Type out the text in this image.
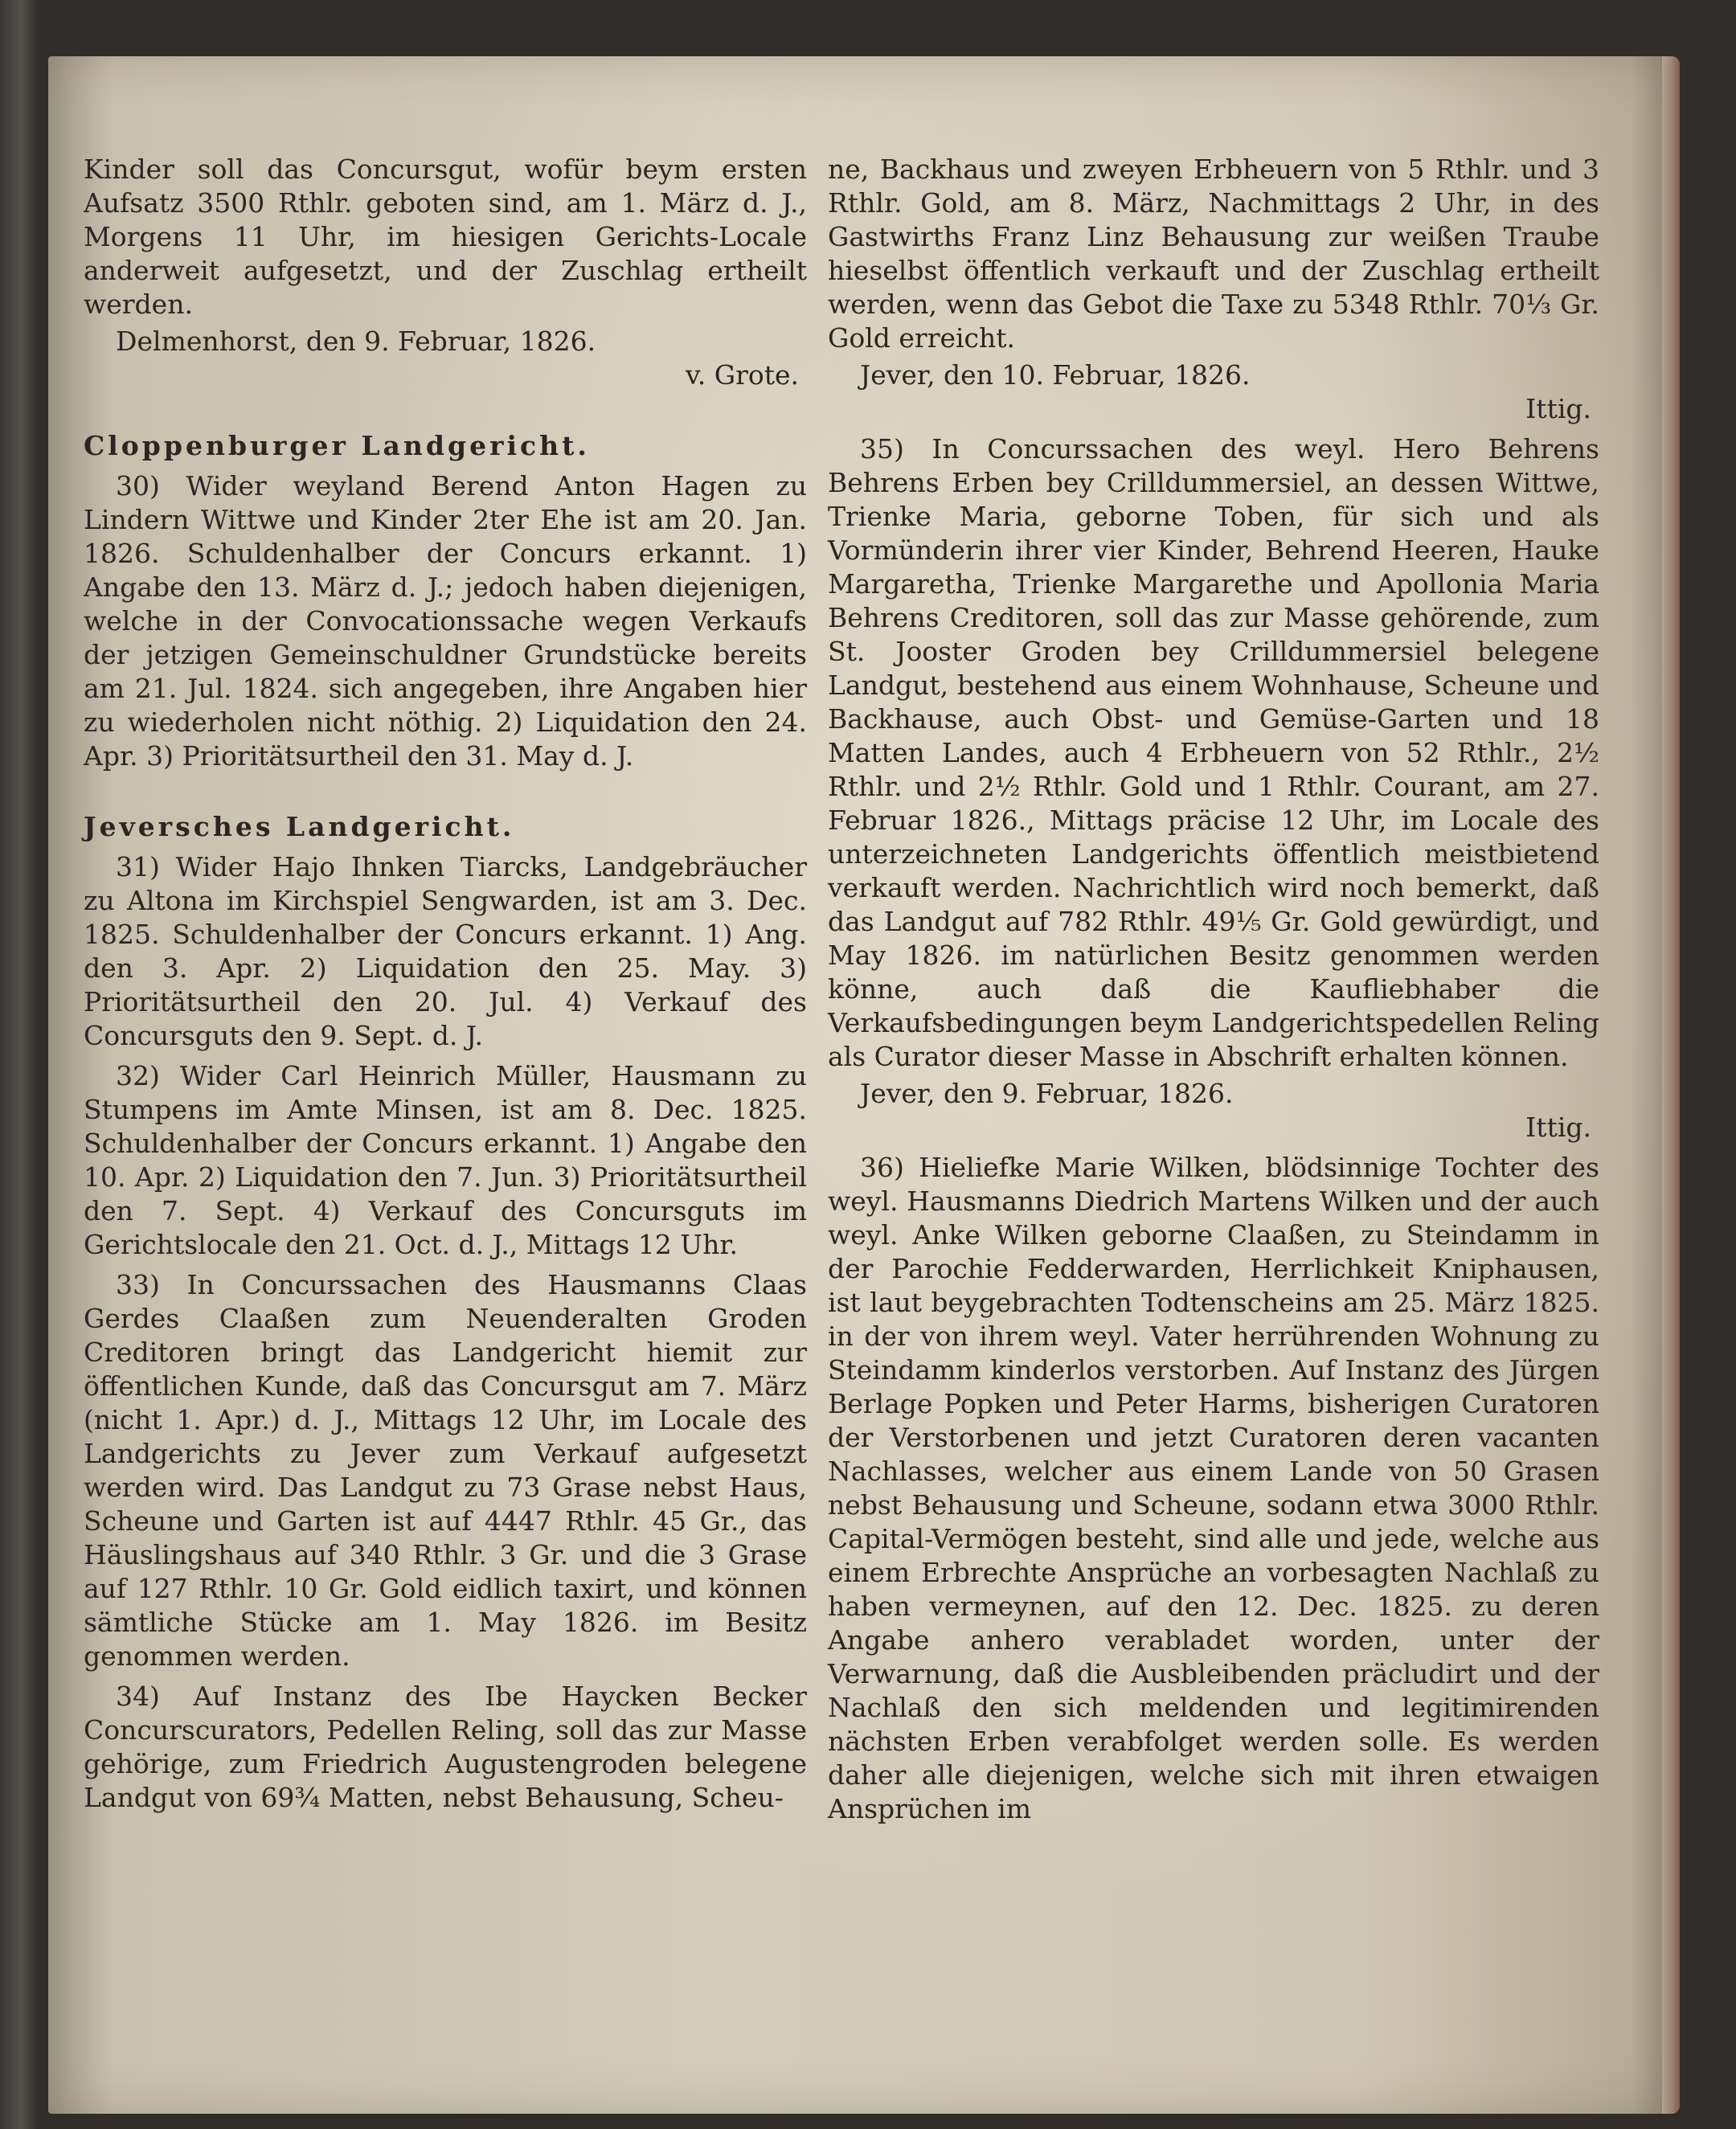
Kinder soll das Concursgut, wofür beym ersten Aufsatz 3500 Rthlr. geboten sind, am 1. März d. J., Morgens 11 Uhr, im hiesigen Gerichts-Locale anderweit aufgesetzt, und der Zuschlag ertheilt werden.

Delmenhorst, den 9. Februar, 1826.

v. Grote.

Cloppenburger Landgericht.

30) Wider weyland Berend Anton Hagen zu Lindern Wittwe und Kinder 2ter Ehe ist am 20. Jan. 1826. Schuldenhalber der Concurs erkannt. 1) Angabe den 13. März d. J.; jedoch haben diejenigen, welche in der Convocationssache wegen Verkaufs der jetzigen Gemeinschuldner Grundstücke bereits am 21. Jul. 1824. sich angegeben, ihre Angaben hier zu wiederholen nicht nöthig. 2) Liquidation den 24. Apr. 3) Prioritätsurtheil den 31. May d. J.

Jeversches Landgericht.

31) Wider Hajo Ihnken Tiarcks, Landgebräucher zu Altona im Kirchspiel Sengwarden, ist am 3. Dec. 1825. Schuldenhalber der Concurs erkannt. 1) Ang. den 3. Apr. 2) Liquidation den 25. May. 3) Prioritätsurtheil den 20. Jul. 4) Verkauf des Concursguts den 9. Sept. d. J.

32) Wider Carl Heinrich Müller, Hausmann zu Stumpens im Amte Minsen, ist am 8. Dec. 1825. Schuldenhalber der Concurs erkannt. 1) Angabe den 10. Apr. 2) Liquidation den 7. Jun. 3) Prioritätsurtheil den 7. Sept. 4) Verkauf des Concursguts im Gerichtslocale den 21. Oct. d. J., Mittags 12 Uhr.

33) In Concurssachen des Hausmanns Claas Gerdes Claaßen zum Neuenderalten Groden Creditoren bringt das Landgericht hiemit zur öffentlichen Kunde, daß das Concursgut am 7. März (nicht 1. Apr.) d. J., Mittags 12 Uhr, im Locale des Landgerichts zu Jever zum Verkauf aufgesetzt werden wird. Das Landgut zu 73 Grase nebst Haus, Scheune und Garten ist auf 4447 Rthlr. 45 Gr., das Häuslingshaus auf 340 Rthlr. 3 Gr. und die 3 Grase auf 127 Rthlr. 10 Gr. Gold eidlich taxirt, und können sämtliche Stücke am 1. May 1826. im Besitz genommen werden.

34) Auf Instanz des Ibe Haycken Becker Concurscurators, Pedellen Reling, soll das zur Masse gehörige, zum Friedrich Augustengroden belegene Landgut von 69¾ Matten, nebst Behausung, Scheu-

ne, Backhaus und zweyen Erbheuern von 5 Rthlr. und 3 Rthlr. Gold, am 8. März, Nachmittags 2 Uhr, in des Gastwirths Franz Linz Behausung zur weißen Traube hieselbst öffentlich verkauft und der Zuschlag ertheilt werden, wenn das Gebot die Taxe zu 5348 Rthlr. 70⅓ Gr. Gold erreicht.

Jever, den 10. Februar, 1826.

Ittig.

35) In Concurssachen des weyl. Hero Behrens Behrens Erben bey Crilldummersiel, an dessen Wittwe, Trienke Maria, geborne Toben, für sich und als Vormünderin ihrer vier Kinder, Behrend Heeren, Hauke Margaretha, Trienke Margarethe und Apollonia Maria Behrens Creditoren, soll das zur Masse gehörende, zum St. Jooster Groden bey Crilldummersiel belegene Landgut, bestehend aus einem Wohnhause, Scheune und Backhause, auch Obst- und Gemüse-Garten und 18 Matten Landes, auch 4 Erbheuern von 52 Rthlr., 2½ Rthlr. und 2½ Rthlr. Gold und 1 Rthlr. Courant, am 27. Februar 1826., Mittags präcise 12 Uhr, im Locale des unterzeichneten Landgerichts öffentlich meistbietend verkauft werden. Nachrichtlich wird noch bemerkt, daß das Landgut auf 782 Rthlr. 49⅕ Gr. Gold gewürdigt, und May 1826. im natürlichen Besitz genommen werden könne, auch daß die Kaufliebhaber die Verkaufsbedingungen beym Landgerichtspedellen Reling als Curator dieser Masse in Abschrift erhalten können.

Jever, den 9. Februar, 1826.

Ittig.

36) Hieliefke Marie Wilken, blödsinnige Tochter des weyl. Hausmanns Diedrich Martens Wilken und der auch weyl. Anke Wilken geborne Claaßen, zu Steindamm in der Parochie Fedderwarden, Herrlichkeit Kniphausen, ist laut beygebrachten Todtenscheins am 25. März 1825. in der von ihrem weyl. Vater herrührenden Wohnung zu Steindamm kinderlos verstorben. Auf Instanz des Jürgen Berlage Popken und Peter Harms, bisherigen Curatoren der Verstorbenen und jetzt Curatoren deren vacanten Nachlasses, welcher aus einem Lande von 50 Grasen nebst Behausung und Scheune, sodann etwa 3000 Rthlr. Capital-Vermögen besteht, sind alle und jede, welche aus einem Erbrechte Ansprüche an vorbesagten Nachlaß zu haben vermeynen, auf den 12. Dec. 1825. zu deren Angabe anhero verabladet worden, unter der Verwarnung, daß die Ausbleibenden präcludirt und der Nachlaß den sich meldenden und legitimirenden nächsten Erben verabfolget werden solle. Es werden daher alle diejenigen, welche sich mit ihren etwaigen Ansprüchen im
